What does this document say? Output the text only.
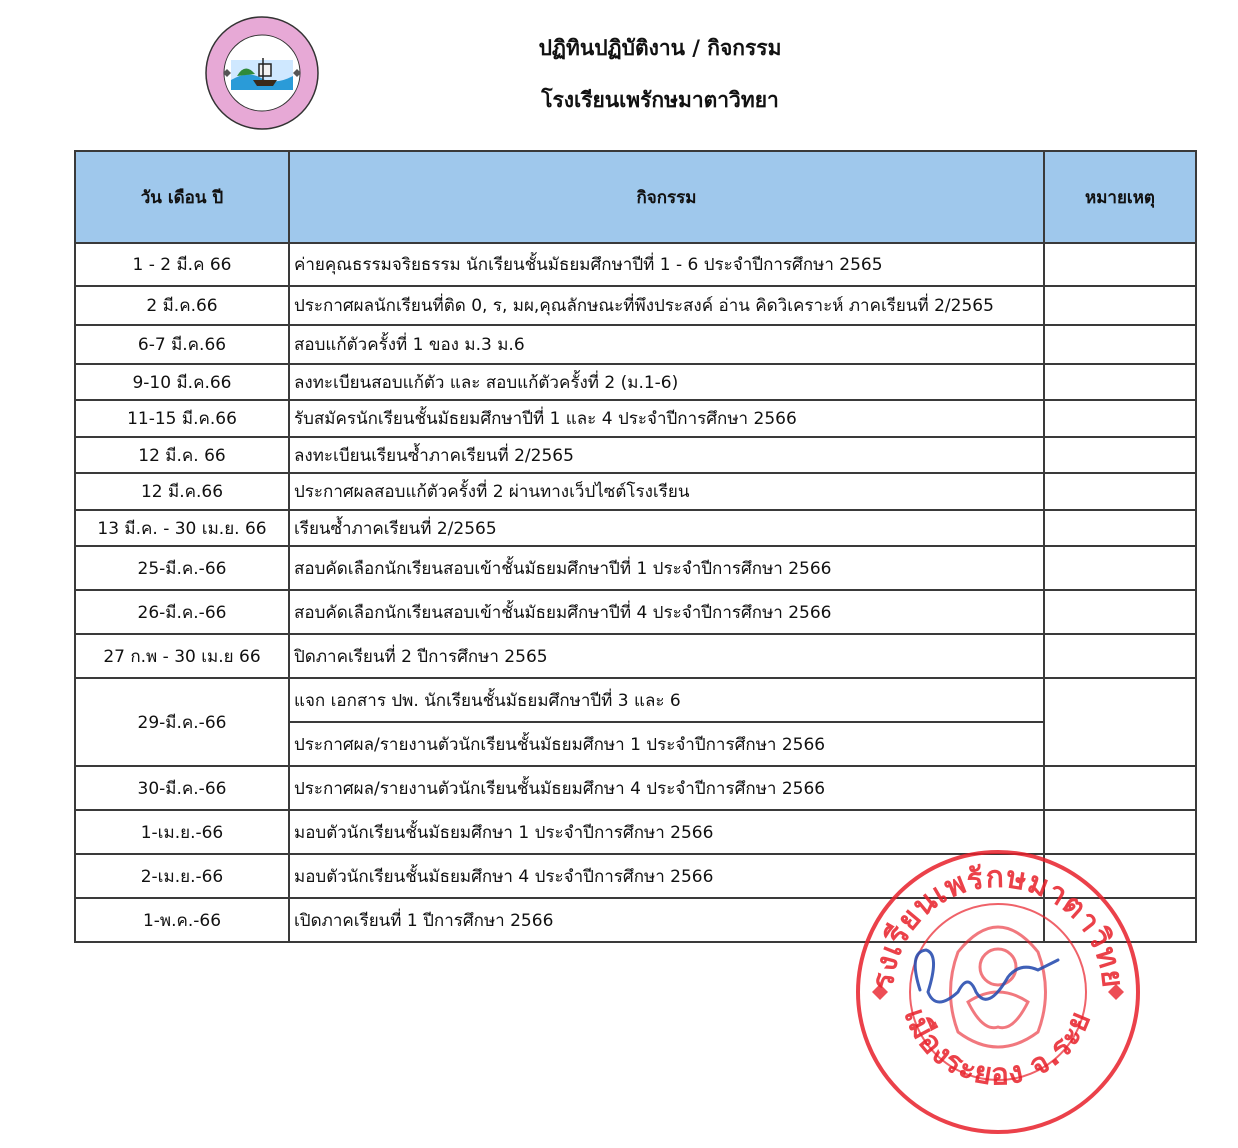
ปฏิทินปฏิบัติงาน / กิจกรรม
โรงเรียนเพรักษมาตาวิทยา
วัน เดือน ปี	กิจกรรม	หมายเหตุ
1 - 2 มี.ค 66	ค่ายคุณธรรมจริยธรรม นักเรียนชั้นมัธยมศึกษาปีที่ 1 - 6 ประจำปีการศึกษา 2565	
2 มี.ค.66	ประกาศผลนักเรียนที่ติด 0, ร, มผ,คุณลักษณะที่พึงประสงค์ อ่าน คิดวิเคราะห์ ภาคเรียนที่ 2/2565	
6-7 มี.ค.66	สอบแก้ตัวครั้งที่ 1 ของ ม.3 ม.6	
9-10 มี.ค.66	ลงทะเบียนสอบแก้ตัว และ สอบแก้ตัวครั้งที่ 2 (ม.1-6)	
11-15 มี.ค.66	รับสมัครนักเรียนชั้นมัธยมศึกษาปีที่ 1 และ 4 ประจำปีการศึกษา 2566	
12 มี.ค. 66	ลงทะเบียนเรียนซ้ำภาคเรียนที่ 2/2565	
12 มี.ค.66	ประกาศผลสอบแก้ตัวครั้งที่ 2 ผ่านทางเว็ปไซต์โรงเรียน	
13 มี.ค. - 30 เม.ย. 66	เรียนซ้ำภาคเรียนที่ 2/2565	
25-มี.ค.-66	สอบคัดเลือกนักเรียนสอบเข้าชั้นมัธยมศึกษาปีที่ 1 ประจำปีการศึกษา 2566	
26-มี.ค.-66	สอบคัดเลือกนักเรียนสอบเข้าชั้นมัธยมศึกษาปีที่ 4 ประจำปีการศึกษา 2566	
27 ก.พ - 30 เม.ย 66	ปิดภาคเรียนที่ 2 ปีการศึกษา 2565	
29-มี.ค.-66	แจก เอกสาร ปพ. นักเรียนชั้นมัธยมศึกษาปีที่ 3 และ 6	
	ประกาศผล/รายงานตัวนักเรียนชั้นมัธยมศึกษา 1 ประจำปีการศึกษา 2566	
30-มี.ค.-66	ประกาศผล/รายงานตัวนักเรียนชั้นมัธยมศึกษา 4 ประจำปีการศึกษา 2566	
1-เม.ย.-66	มอบตัวนักเรียนชั้นมัธยมศึกษา 1 ประจำปีการศึกษา 2566	
2-เม.ย.-66	มอบตัวนักเรียนชั้นมัธยมศึกษา 4 ประจำปีการศึกษา 2566	
1-พ.ค.-66	เปิดภาคเรียนที่ 1 ปีการศึกษา 2566	
รงเรียนเพรักษมาตาวิทย
เมืองระยอง จ.ระย
